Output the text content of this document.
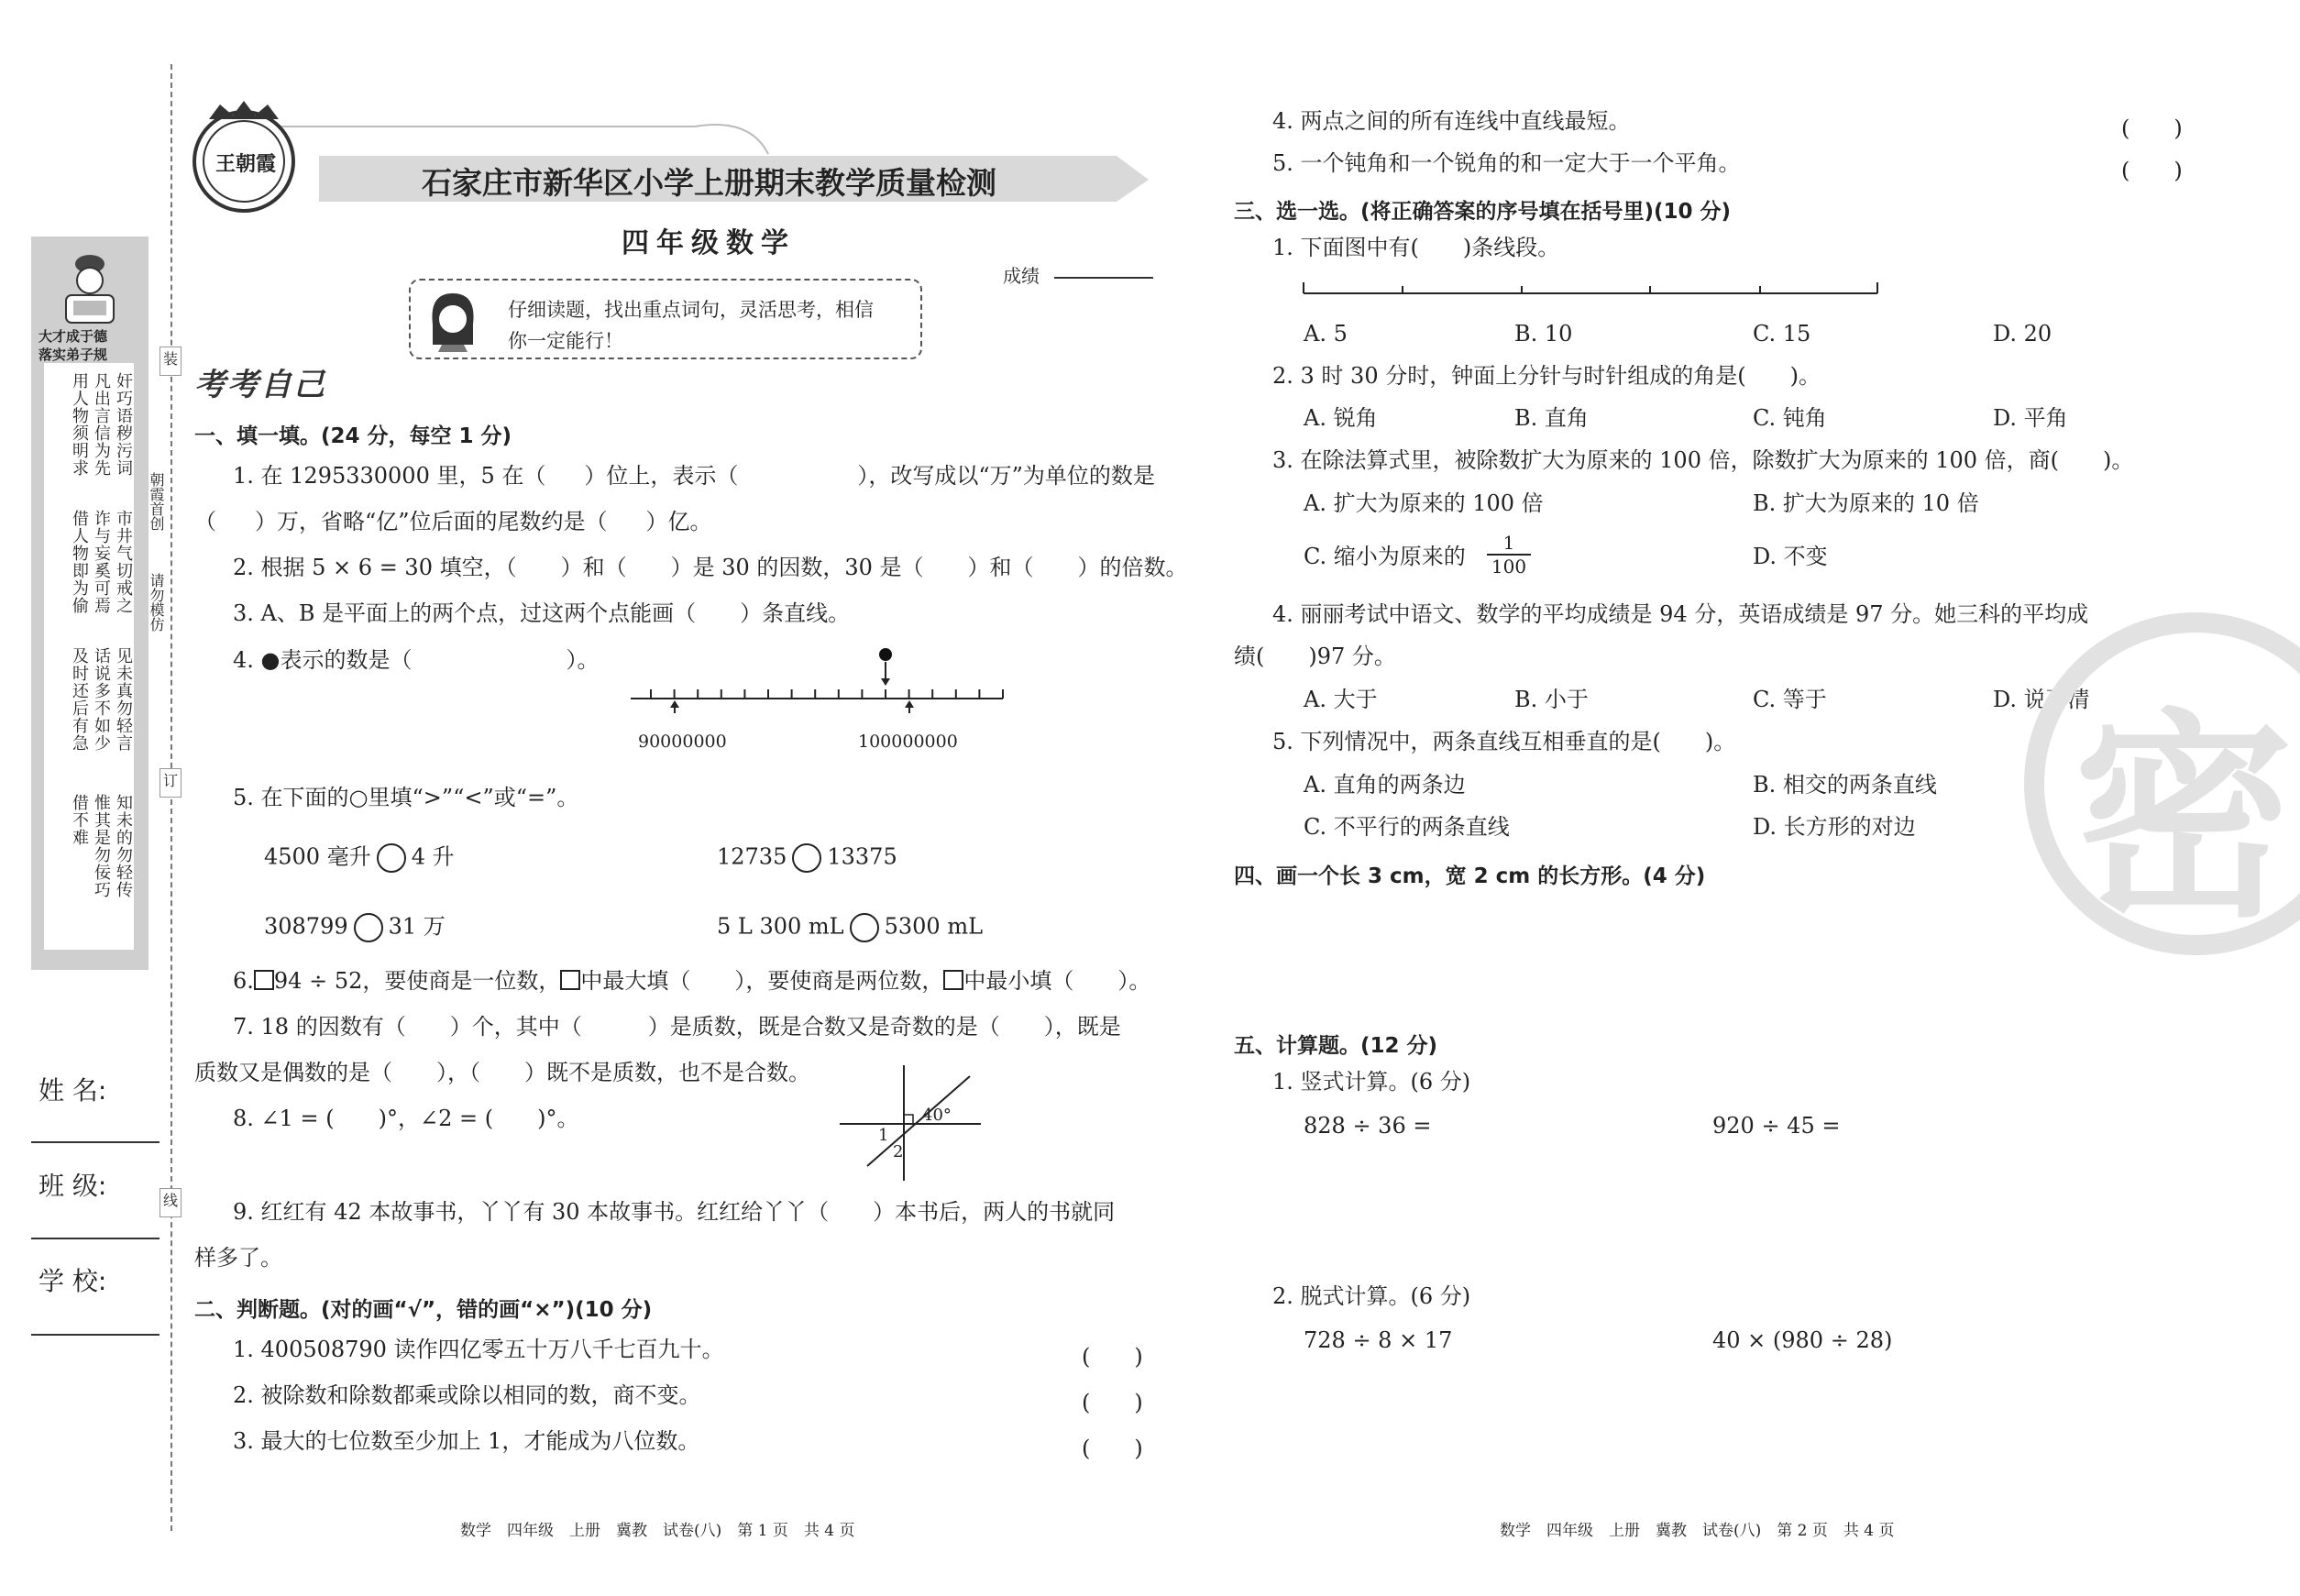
大才成于德
落实弟子规
奸巧语秽污词
凡出言信为先
用人物须明求
市井气切戒之
诈与妄奚可焉
借人物即为偷
见未真勿轻言
话说多不如少
及时还后有急
知未的勿轻传
惟其是勿佞巧
借不难
装
订
线
朝霞首创
请勿模仿
姓 名:
班 级:
学 校:
王朝霞
石家庄市新华区小学上册期末教学质量检测
四年级数学
成绩
仔细读题，找出重点词句，灵活思考，相信
你一定能行！
考考自己
一、填一填。(24 分，每空 1 分)
1. 在 1295330000 里，5 在（ ）位上，表示（	），改写成以“万”为单位的数是
（ ）万，省略“亿”位后面的尾数约是（ ）亿。
2. 根据 5 × 6 = 30 填空，（　　）和（　　）是 30 的因数，30 是（　　）和（　　）的倍数。
3. A、B 是平面上的两个点，过这两个点能画（　　）条直线。
4. ●表示的数是（　　　　　　　）。
90000000	100000000
5. 在下面的○里填“>”“<”或“=”。
4500 毫升 4 升	12735 13375
308799 31 万	5 L 300 mL 5300 mL
6. 94 ÷ 52，要使商是一位数， 中最大填（　　），要使商是两位数， 中最小填（　　）。
7. 18 的因数有（　　）个，其中（　　　）是质数，既是合数又是奇数的是（　　），既是
质数又是偶数的是（　　），（　　）既不是质数，也不是合数。
8. ∠1 = (　　)°，∠2 = (　　)°。	40°
1
2
9. 红红有 42 本故事书，丫丫有 30 本故事书。红红给丫丫（　　）本书后，两人的书就同
样多了。
二、判断题。(对的画“√”，错的画“×”)(10 分)
1. 400508790 读作四亿零五十万八千七百九十。	(　　)
2. 被除数和除数都乘或除以相同的数，商不变。	(　　)
3. 最大的七位数至少加上 1，才能成为八位数。	(　　)
4. 两点之间的所有连线中直线最短。	(　　)
5. 一个钝角和一个锐角的和一定大于一个平角。	(　　)
三、选一选。(将正确答案的序号填在括号里)(10 分)
1. 下面图中有(　　)条线段。
A. 5	B. 10	C. 15	D. 20
2. 3 时 30 分时，钟面上分针与时针组成的角是(　　)。
A. 锐角	B. 直角	C. 钝角	D. 平角
3. 在除法算式里，被除数扩大为原来的 100 倍，除数扩大为原来的 100 倍，商(　　)。
A. 扩大为原来的 100 倍	B. 扩大为原来的 10 倍
C. 缩小为原来的
1
100	D. 不变
4. 丽丽考试中语文、数学的平均成绩是 94 分，英语成绩是 97 分。她三科的平均成
绩(　　)97 分。
A. 大于	B. 小于	C. 等于	D. 说不清
5. 下列情况中，两条直线互相垂直的是(　　)。
A. 直角的两条边	B. 相交的两条直线
C. 不平行的两条直线	D. 长方形的对边
四、画一个长 3 cm，宽 2 cm 的长方形。(4 分)
五、计算题。(12 分)
1. 竖式计算。(6 分)
828 ÷ 36 =	920 ÷ 45 =
2. 脱式计算。(6 分)
728 ÷ 8 × 17	40 × (980 ÷ 28)
密
数学　四年级　上册　冀教　试卷(八)　第 1 页　共 4 页	数学　四年级　上册　冀教　试卷(八)　第 2 页　共 4 页
